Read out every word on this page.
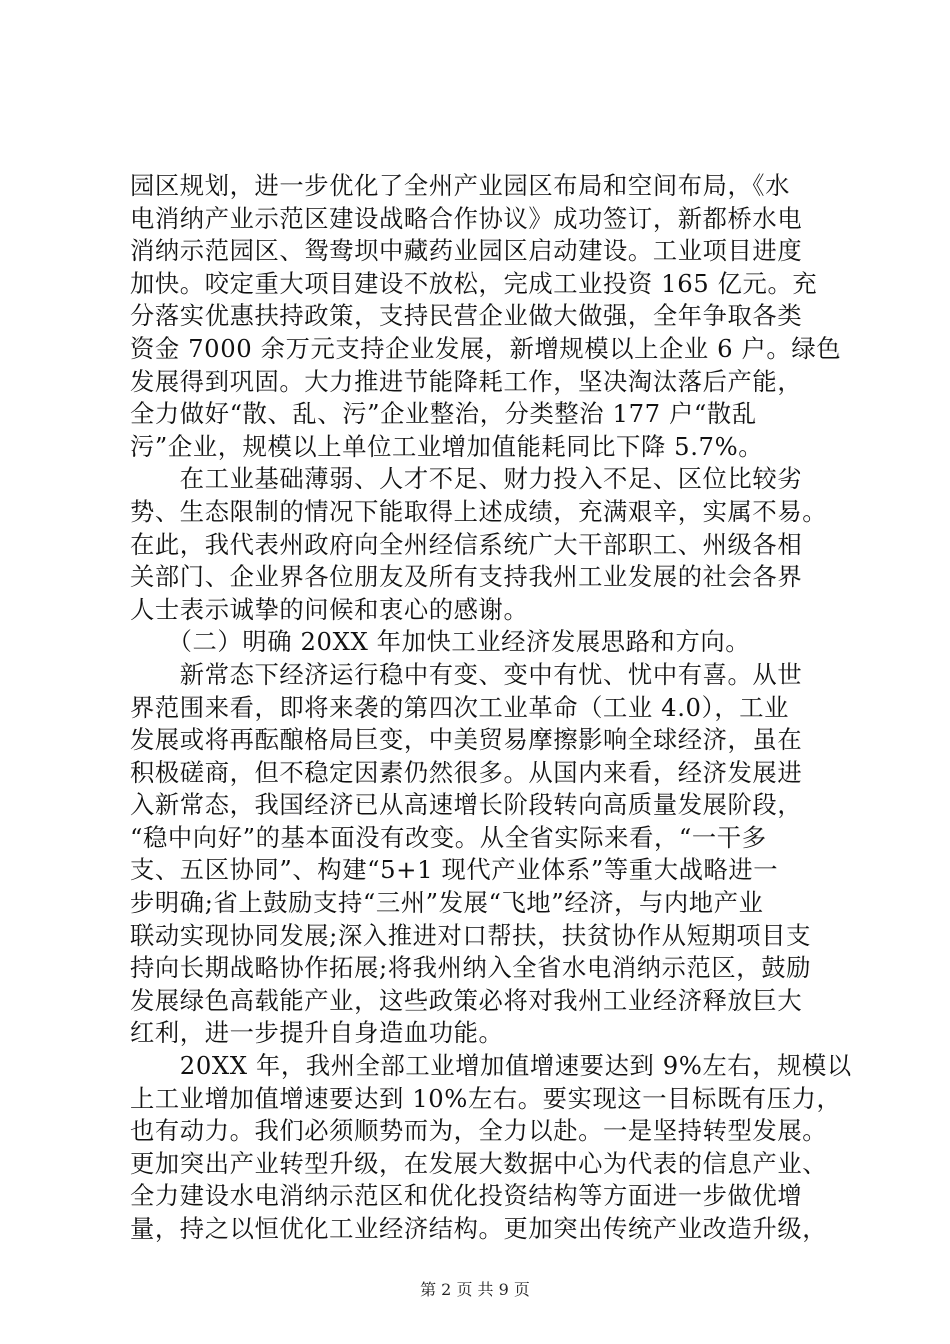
园区规划，进一步优化了全州产业园区布局和空间布局，《水
电消纳产业示范区建设战略合作协议》成功签订，新都桥水电
消纳示范园区、鸳鸯坝中藏药业园区启动建设。工业项目进度
加快。咬定重大项目建设不放松，完成工业投资 165 亿元。充
分落实优惠扶持政策，支持民营企业做大做强，全年争取各类
资金 7000 余万元支持企业发展，新增规模以上企业 6 户。绿色
发展得到巩固。大力推进节能降耗工作，坚决淘汰落后产能，
全力做好“散、乱、污”企业整治，分类整治 177 户“散乱
污”企业，规模以上单位工业增加值能耗同比下降 5.7%。
　　在工业基础薄弱、人才不足、财力投入不足、区位比较劣
势、生态限制的情况下能取得上述成绩，充满艰辛，实属不易。
在此，我代表州政府向全州经信系统广大干部职工、州级各相
关部门、企业界各位朋友及所有支持我州工业发展的社会各界
人士表示诚挚的问候和衷心的感谢。
　　（二）明确 20XX 年加快工业经济发展思路和方向。
　　新常态下经济运行稳中有变、变中有忧、忧中有喜。从世
界范围来看，即将来袭的第四次工业革命（工业 4.0），工业
发展或将再酝酿格局巨变，中美贸易摩擦影响全球经济，虽在
积极磋商，但不稳定因素仍然很多。从国内来看，经济发展进
入新常态，我国经济已从高速增长阶段转向高质量发展阶段，
“稳中向好”的基本面没有改变。从全省实际来看，“一干多
支、五区协同”、构建“5+1 现代产业体系”等重大战略进一
步明确;省上鼓励支持“三州”发展“飞地”经济，与内地产业
联动实现协同发展;深入推进对口帮扶，扶贫协作从短期项目支
持向长期战略协作拓展;将我州纳入全省水电消纳示范区，鼓励
发展绿色高载能产业，这些政策必将对我州工业经济释放巨大
红利，进一步提升自身造血功能。
　　20XX 年，我州全部工业增加值增速要达到 9%左右，规模以
上工业增加值增速要达到 10%左右。要实现这一目标既有压力，
也有动力。我们必须顺势而为，全力以赴。一是坚持转型发展。
更加突出产业转型升级，在发展大数据中心为代表的信息产业、
全力建设水电消纳示范区和优化投资结构等方面进一步做优增
量，持之以恒优化工业经济结构。更加突出传统产业改造升级，
第 2 页 共 9 页
